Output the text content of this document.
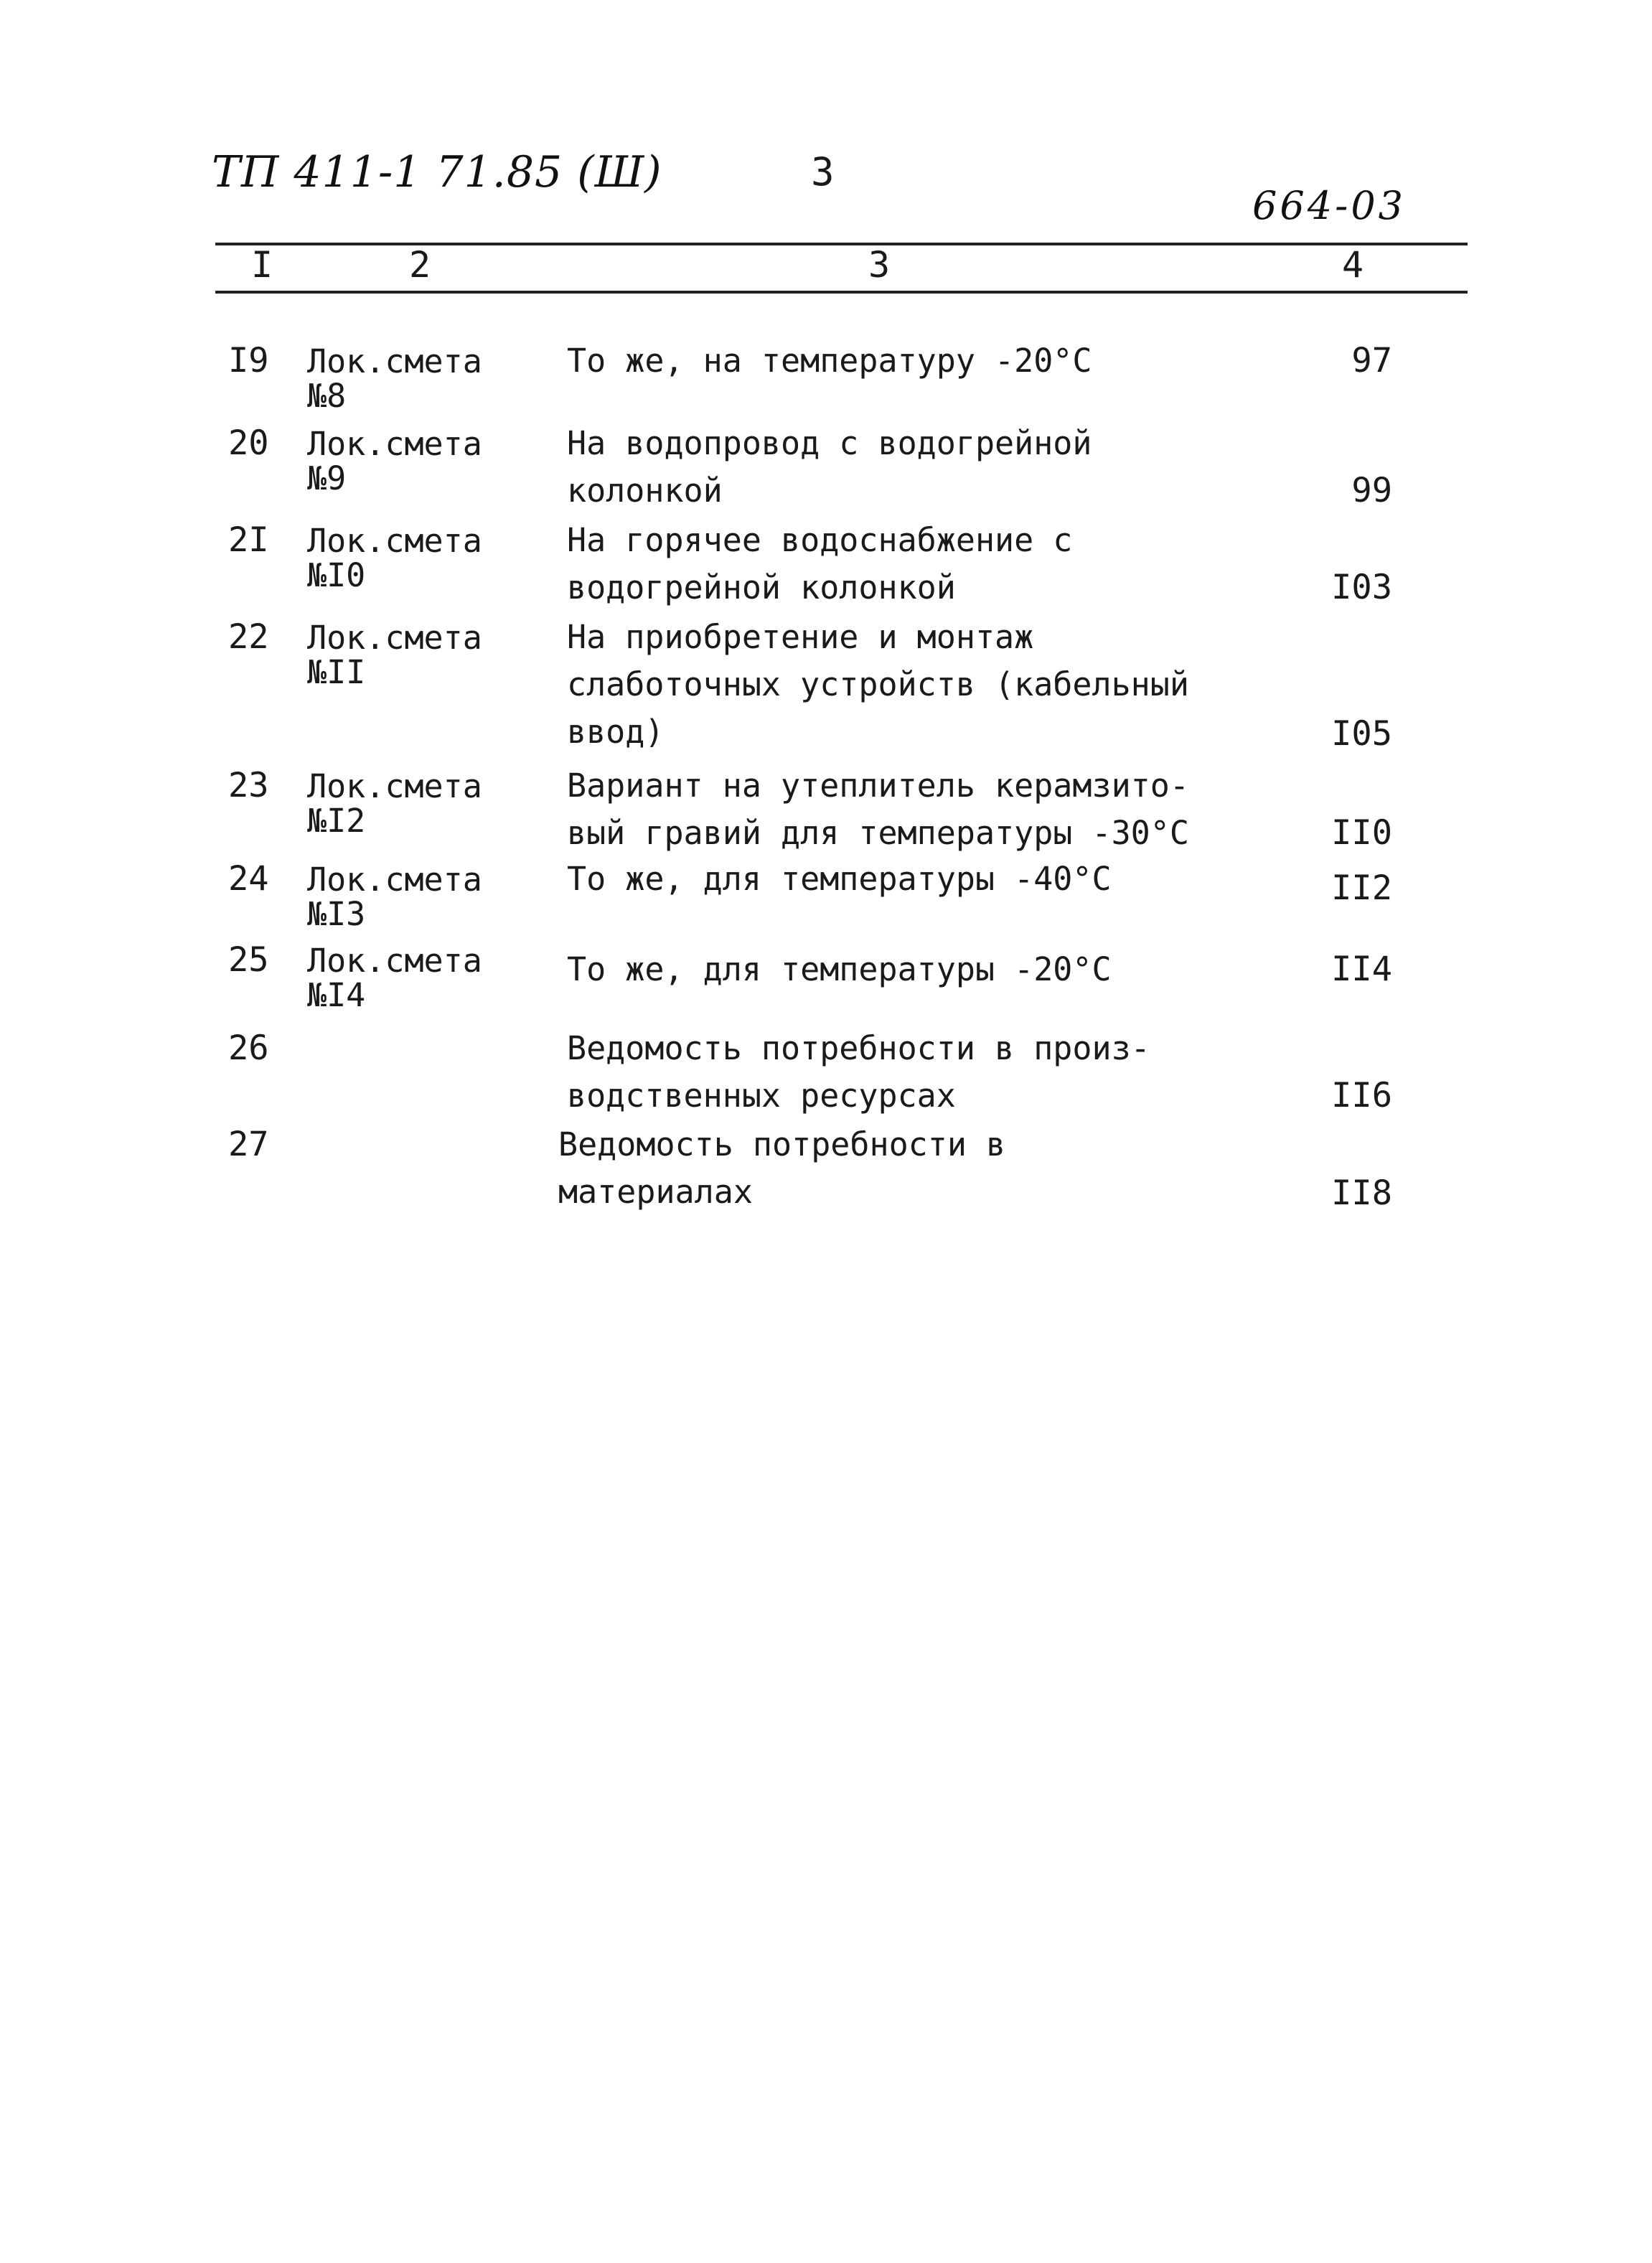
ТП 411-1 71.85 (Ш)	3
664-03
I	2	3	4
I9 Лок.смета
№8
То же, на температуру -20°C	97
20 Лок.смета
№9
На водопровод с водогрейной
колонкой	99
2I Лок.смета
№I0
На горячее водоснабжение с
водогрейной колонкой	I03
22 Лок.смета
№II
На приобретение и монтаж
слаботочных устройств (кабельный
ввод)	I05
23 Лок.смета
№I2
Вариант на утеплитель керамзито-
вый гравий для температуры -30°C	II0
24 Лок.смета
№I3
То же, для температуры -40°C	II2
25 Лок.смета
№I4
То же, для температуры -20°C	II4
26	Ведомость потребности в произ-
водственных ресурсах	II6
27	Ведомость потребности в
материалах	II8
